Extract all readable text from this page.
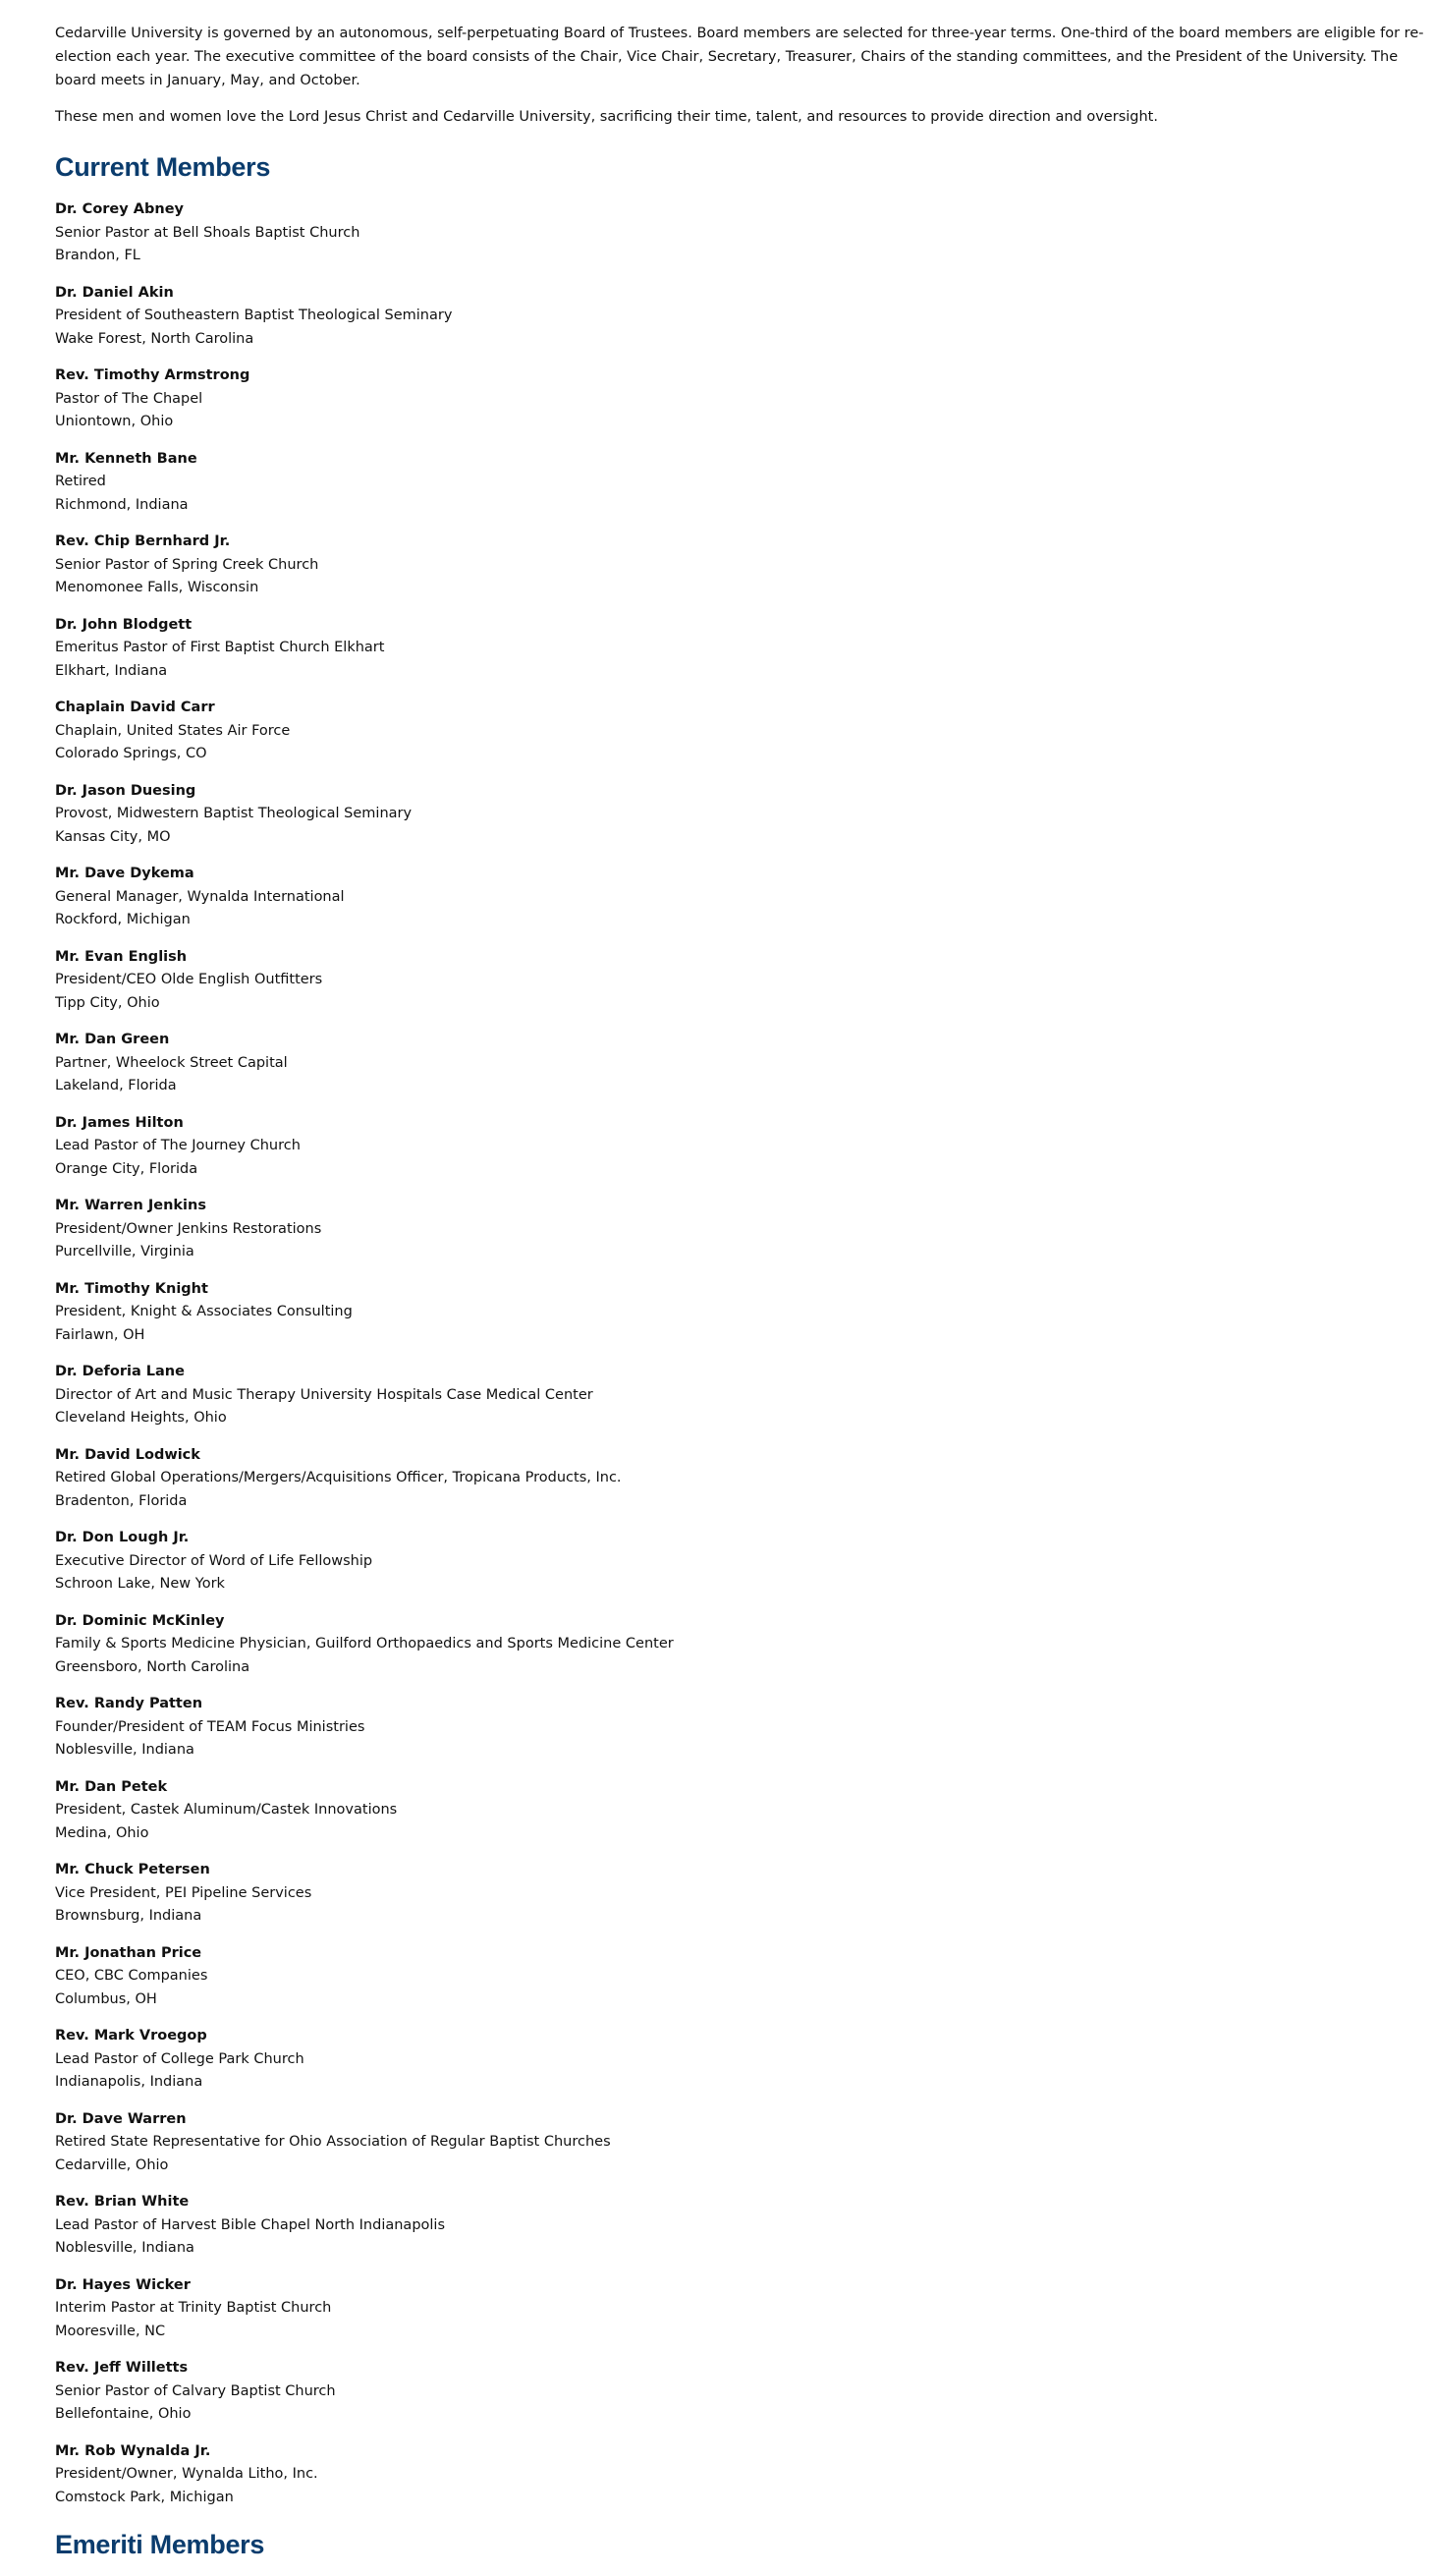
Cedarville University is governed by an autonomous, self-perpetuating Board of Trustees. Board members are selected for three-year terms. One-third of the board members are eligible for re-election each year. The executive committee of the board consists of the Chair, Vice Chair, Secretary, Treasurer, Chairs of the standing committees, and the President of the University. The board meets in January, May, and October.

These men and women love the Lord Jesus Christ and Cedarville University, sacrificing their time, talent, and resources to provide direction and oversight.

Current Members
Dr. Corey Abney
Senior Pastor at Bell Shoals Baptist Church
Brandon, FL
Dr. Daniel Akin
President of Southeastern Baptist Theological Seminary
Wake Forest, North Carolina
Rev. Timothy Armstrong
Pastor of The Chapel
Uniontown, Ohio
Mr. Kenneth Bane
Retired
Richmond, Indiana
Rev. Chip Bernhard Jr.
Senior Pastor of Spring Creek Church
Menomonee Falls, Wisconsin
Dr. John Blodgett
Emeritus Pastor of First Baptist Church Elkhart
Elkhart, Indiana
Chaplain David Carr
Chaplain, United States Air Force
Colorado Springs, CO
Dr. Jason Duesing
Provost, Midwestern Baptist Theological Seminary
Kansas City, MO
Mr. Dave Dykema
General Manager, Wynalda International
Rockford, Michigan
Mr. Evan English
President/CEO Olde English Outfitters
Tipp City, Ohio
Mr. Dan Green
Partner, Wheelock Street Capital
Lakeland, Florida
Dr. James Hilton
Lead Pastor of The Journey Church
Orange City, Florida
Mr. Warren Jenkins
President/Owner Jenkins Restorations
Purcellville, Virginia
Mr. Timothy Knight
President, Knight & Associates Consulting
Fairlawn, OH
Dr. Deforia Lane
Director of Art and Music Therapy University Hospitals Case Medical Center
Cleveland Heights, Ohio
Mr. David Lodwick
Retired Global Operations/Mergers/Acquisitions Officer, Tropicana Products, Inc.
Bradenton, Florida
Dr. Don Lough Jr.
Executive Director of Word of Life Fellowship
Schroon Lake, New York
Dr. Dominic McKinley
Family & Sports Medicine Physician, Guilford Orthopaedics and Sports Medicine Center
Greensboro, North Carolina
Rev. Randy Patten
Founder/President of TEAM Focus Ministries
Noblesville, Indiana
Mr. Dan Petek
President, Castek Aluminum/Castek Innovations
Medina, Ohio
Mr. Chuck Petersen
Vice President, PEI Pipeline Services
Brownsburg, Indiana
Mr. Jonathan Price
CEO, CBC Companies
Columbus, OH
Rev. Mark Vroegop
Lead Pastor of College Park Church
Indianapolis, Indiana
Dr. Dave Warren
Retired State Representative for Ohio Association of Regular Baptist Churches
Cedarville, Ohio
Rev. Brian White
Lead Pastor of Harvest Bible Chapel North Indianapolis
Noblesville, Indiana
Dr. Hayes Wicker
Interim Pastor at Trinity Baptist Church
Mooresville, NC
Rev. Jeff Willetts
Senior Pastor of Calvary Baptist Church
Bellefontaine, Ohio
Mr. Rob Wynalda Jr.
President/Owner, Wynalda Litho, Inc.
Comstock Park, Michigan
Emeriti Members
